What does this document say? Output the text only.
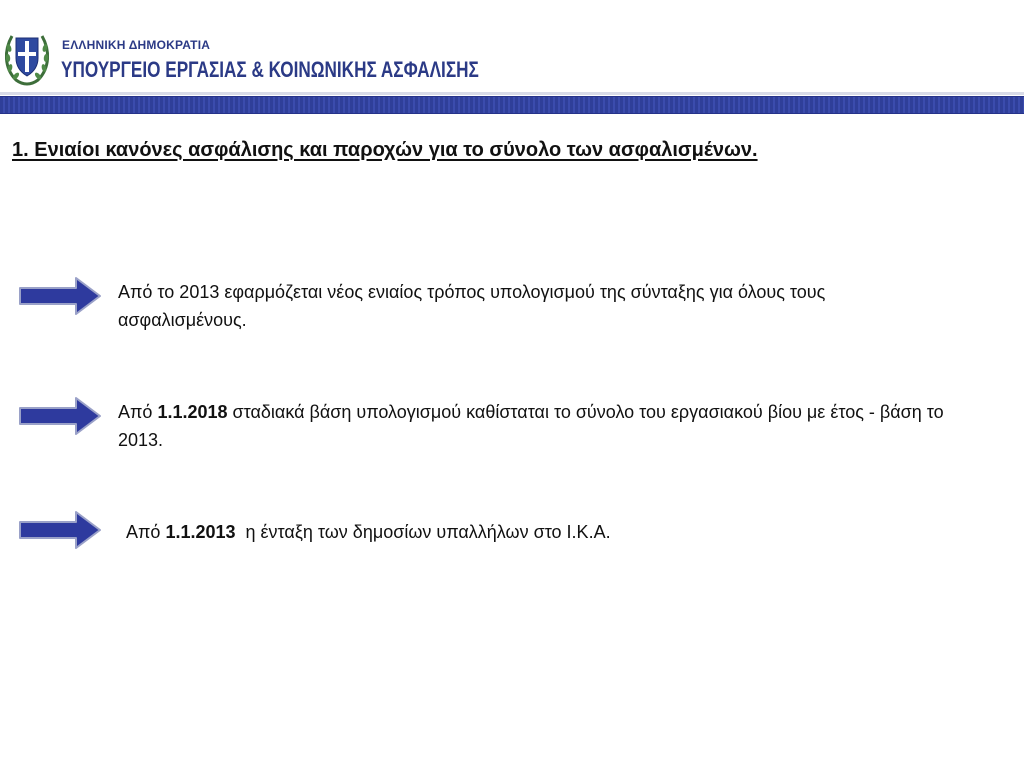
ΕΛΛΗΝΙΚΗ ΔΗΜΟΚΡΑΤΙΑ
ΥΠΟΥΡΓΕΙΟ ΕΡΓΑΣΙΑΣ & ΚΟΙΝΩΝΙΚΗΣ ΑΣΦΑΛΙΣΗΣ
1. Ενιαίοι κανόνες ασφάλισης και παροχών για το σύνολο των ασφαλισμένων.
Από το 2013 εφαρμόζεται νέος ενιαίος τρόπος υπολογισμού της σύνταξης για όλους τους ασφαλισμένους.
Από 1.1.2018 σταδιακά βάση υπολογισμού καθίσταται το σύνολο του εργασιακού βίου με έτος - βάση το 2013.
Από 1.1.2013  η ένταξη των δημοσίων υπαλλήλων στο Ι.Κ.Α.
